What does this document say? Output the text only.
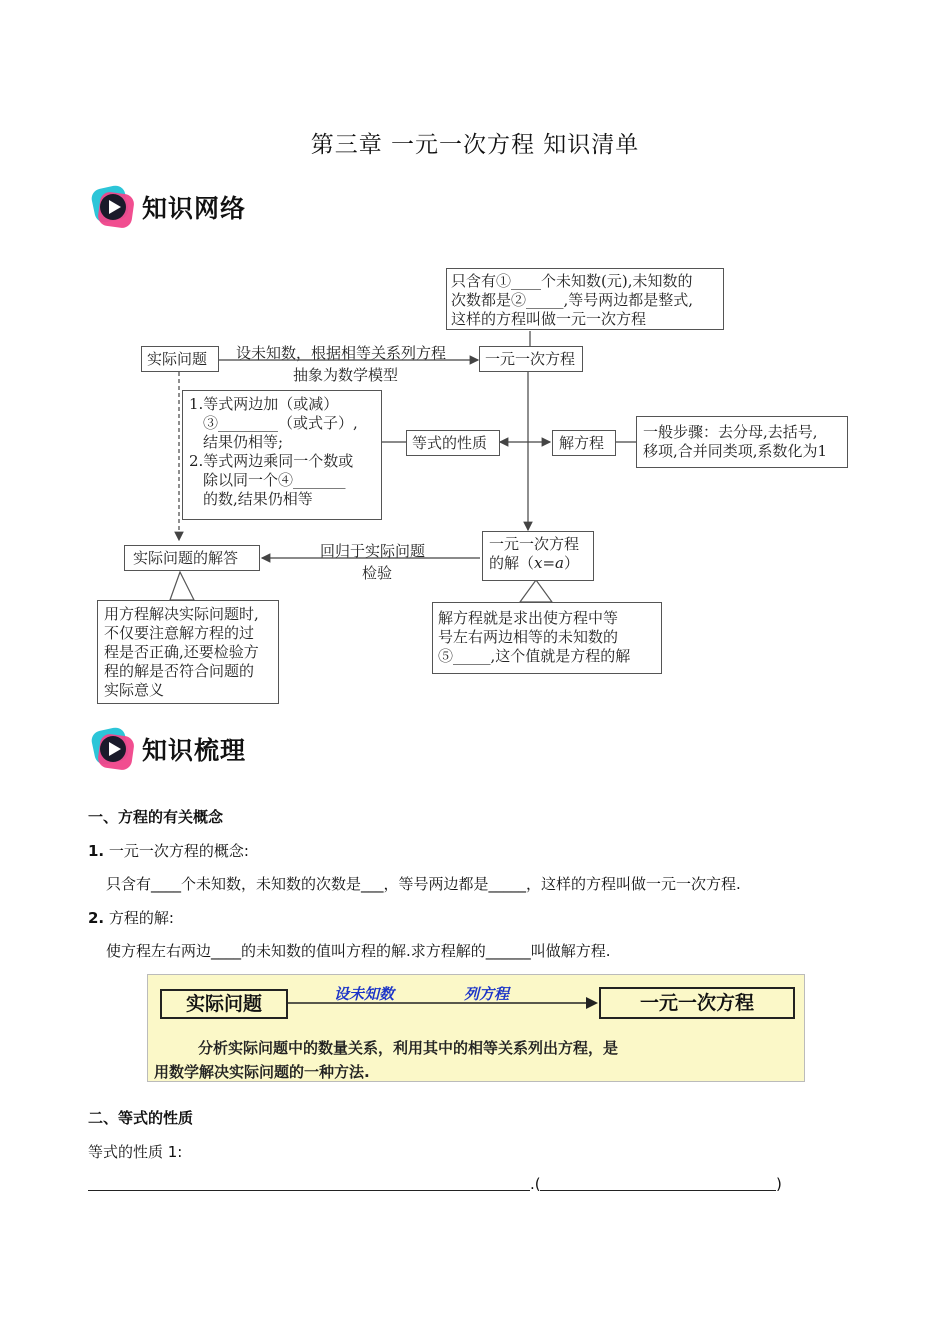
第三章 一元一次方程 知识清单
知识网络
只含有①____个未知数(元),未知数的
次数都是②_____,等号两边都是整式,
这样的方程叫做一元一次方程
实际问题	设未知数，根据相等关系列方程
抽象为数学模型
一元一次方程
1.等式两边加（或减）
③________（或式子）,
结果仍相等;
2.等式两边乘同一个数或
除以同一个④_______
的数,结果仍相等
等式的性质	解方程
一般步骤：去分母,去括号,
移项,合并同类项,系数化为1
一元一次方程
的解（x=a）
回归于实际问题
检验
实际问题的解答
用方程解决实际问题时,
不仅要注意解方程的过
程是否正确,还要检验方
程的解是否符合问题的
实际意义
解方程就是求出使方程中等
号左右两边相等的未知数的
⑤_____,这个值就是方程的解
知识梳理
一、方程的有关概念
1. 一元一次方程的概念:
只含有____个未知数，未知数的次数是___，等号两边都是_____，这样的方程叫做一元一次方程.
2. 方程的解:
使方程左右两边____的未知数的值叫方程的解.求方程解的______叫做解方程.
实际问题	设未知数	列方程	一元一次方程
分析实际问题中的数量关系，利用其中的相等关系列出方程，是
用数学解决实际问题的一种方法.
二、等式的性质
等式的性质 1:
.(	)
